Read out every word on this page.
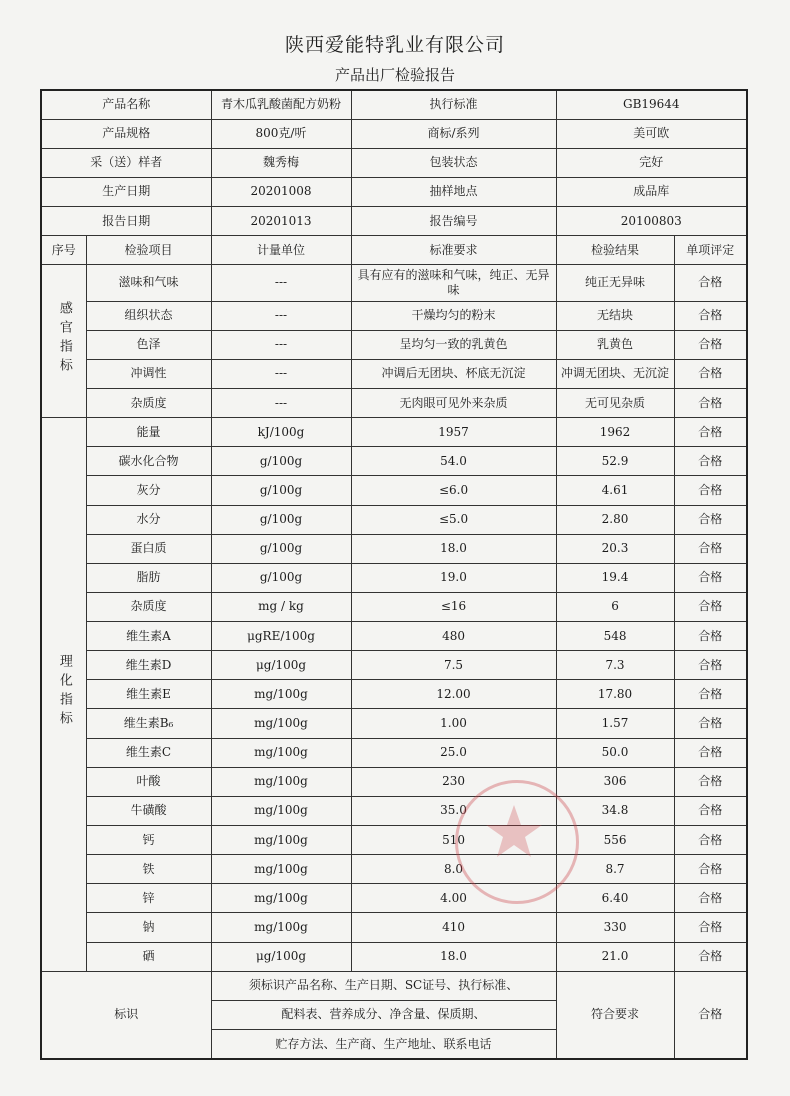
陕西爱能特乳业有限公司
产品出厂检验报告
产品名称		青木瓜乳酸菌配方奶粉	执行标准	GB19644	
产品规格		800克/听	商标/系列	美可欧	
采（送）样者		魏秀梅	包装状态	完好	
生产日期		20201008	抽样地点	成品库	
报告日期		20201013	报告编号	20100803	
序号	检验项目	计量单位	标准要求	检验结果	单项评定
感官指标	滋味和气味	---	具有应有的滋味和气味，纯正、无异味	纯正无异味	合格
	组织状态	---	干燥均匀的粉末	无结块	合格
	色泽	---	呈均匀一致的乳黄色	乳黄色	合格
	冲调性	---	冲调后无团块、杯底无沉淀	冲调无团块、无沉淀	合格
	杂质度	---	无肉眼可见外来杂质	无可见杂质	合格
理化指标	能量	kJ/100g	1957	1962	合格
	碳水化合物	g/100g	54.0	52.9	合格
	灰分	g/100g	≤6.0	4.61	合格
	水分	g/100g	≤5.0	2.80	合格
	蛋白质	g/100g	18.0	20.3	合格
	脂肪	g/100g	19.0	19.4	合格
	杂质度	mg / kg	≤16	6	合格
	维生素A	μgRE/100g	480	548	合格
	维生素D	μg/100g	7.5	7.3	合格
	维生素E	mg/100g	12.00	17.80	合格
	维生素B₆	mg/100g	1.00	1.57	合格
	维生素C	mg/100g	25.0	50.0	合格
	叶酸	mg/100g	230	306	合格
	牛磺酸	mg/100g	35.0	34.8	合格
	钙	mg/100g	510	556	合格
	铁	mg/100g	8.0	8.7	合格
	锌	mg/100g	4.00	6.40	合格
	钠	mg/100g	410	330	合格
	硒	μg/100g	18.0	21.0	合格
标识		须标识产品名称、生产日期、SC证号、执行标准、		符合要求	合格
		配料表、营养成分、净含量、保质期、			
		贮存方法、生产商、生产地址、联系电话			
